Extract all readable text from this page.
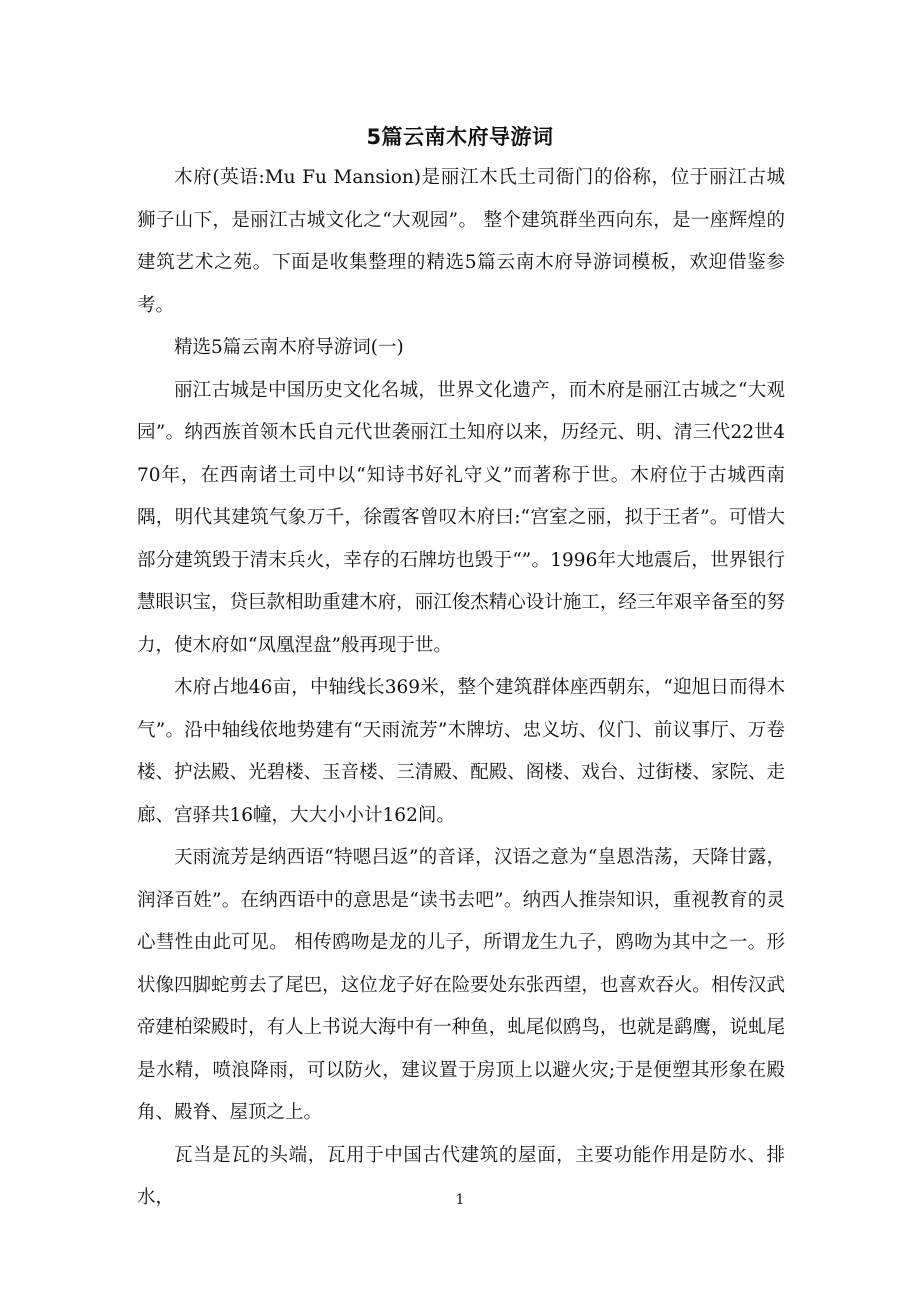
5篇云南木府导游词

木府(英语:Mu Fu Mansion)是丽江木氏土司衙门的俗称，位于丽江古城狮子山下，是丽江古城文化之“大观园”。 整个建筑群坐西向东，是一座辉煌的建筑艺术之苑。下面是收集整理的精选5篇云南木府导游词模板，欢迎借鉴参考。

精选5篇云南木府导游词(一)

丽江古城是中国历史文化名城，世界文化遗产，而木府是丽江古城之“大观园”。纳西族首领木氏自元代世袭丽江土知府以来，历经元、明、清三代22世470年，在西南诸土司中以“知诗书好礼守义”而著称于世。木府位于古城西南隅，明代其建筑气象万千，徐霞客曾叹木府曰:“宫室之丽，拟于王者”。可惜大部分建筑毁于清末兵火，幸存的石牌坊也毁于“”。1996年大地震后，世界银行慧眼识宝，贷巨款相助重建木府，丽江俊杰精心设计施工，经三年艰辛备至的努力，使木府如“凤凰涅盘”般再现于世。

木府占地46亩，中轴线长369米，整个建筑群体座西朝东，“迎旭日而得木气”。沿中轴线依地势建有“天雨流芳”木牌坊、忠义坊、仪门、前议事厅、万卷楼、护法殿、光碧楼、玉音楼、三清殿、配殿、阁楼、戏台、过街楼、家院、走廊、宫驿共16幢，大大小小计162间。

天雨流芳是纳西语“特嗯吕返”的音译，汉语之意为“皇恩浩荡，天降甘露，润泽百姓”。在纳西语中的意思是“读书去吧”。纳西人推崇知识，重视教育的灵心彗性由此可见。 相传鸥吻是龙的儿子，所谓龙生九子，鸥吻为其中之一。形状像四脚蛇剪去了尾巴，这位龙子好在险要处东张西望，也喜欢吞火。相传汉武帝建柏梁殿时，有人上书说大海中有一种鱼，虬尾似鸥鸟，也就是鹞鹰，说虬尾是水精，喷浪降雨，可以防火，建议置于房顶上以避火灾;于是便塑其形象在殿角、殿脊、屋顶之上。

瓦当是瓦的头端，瓦用于中国古代建筑的屋面，主要功能作用是防水、排水，	1
